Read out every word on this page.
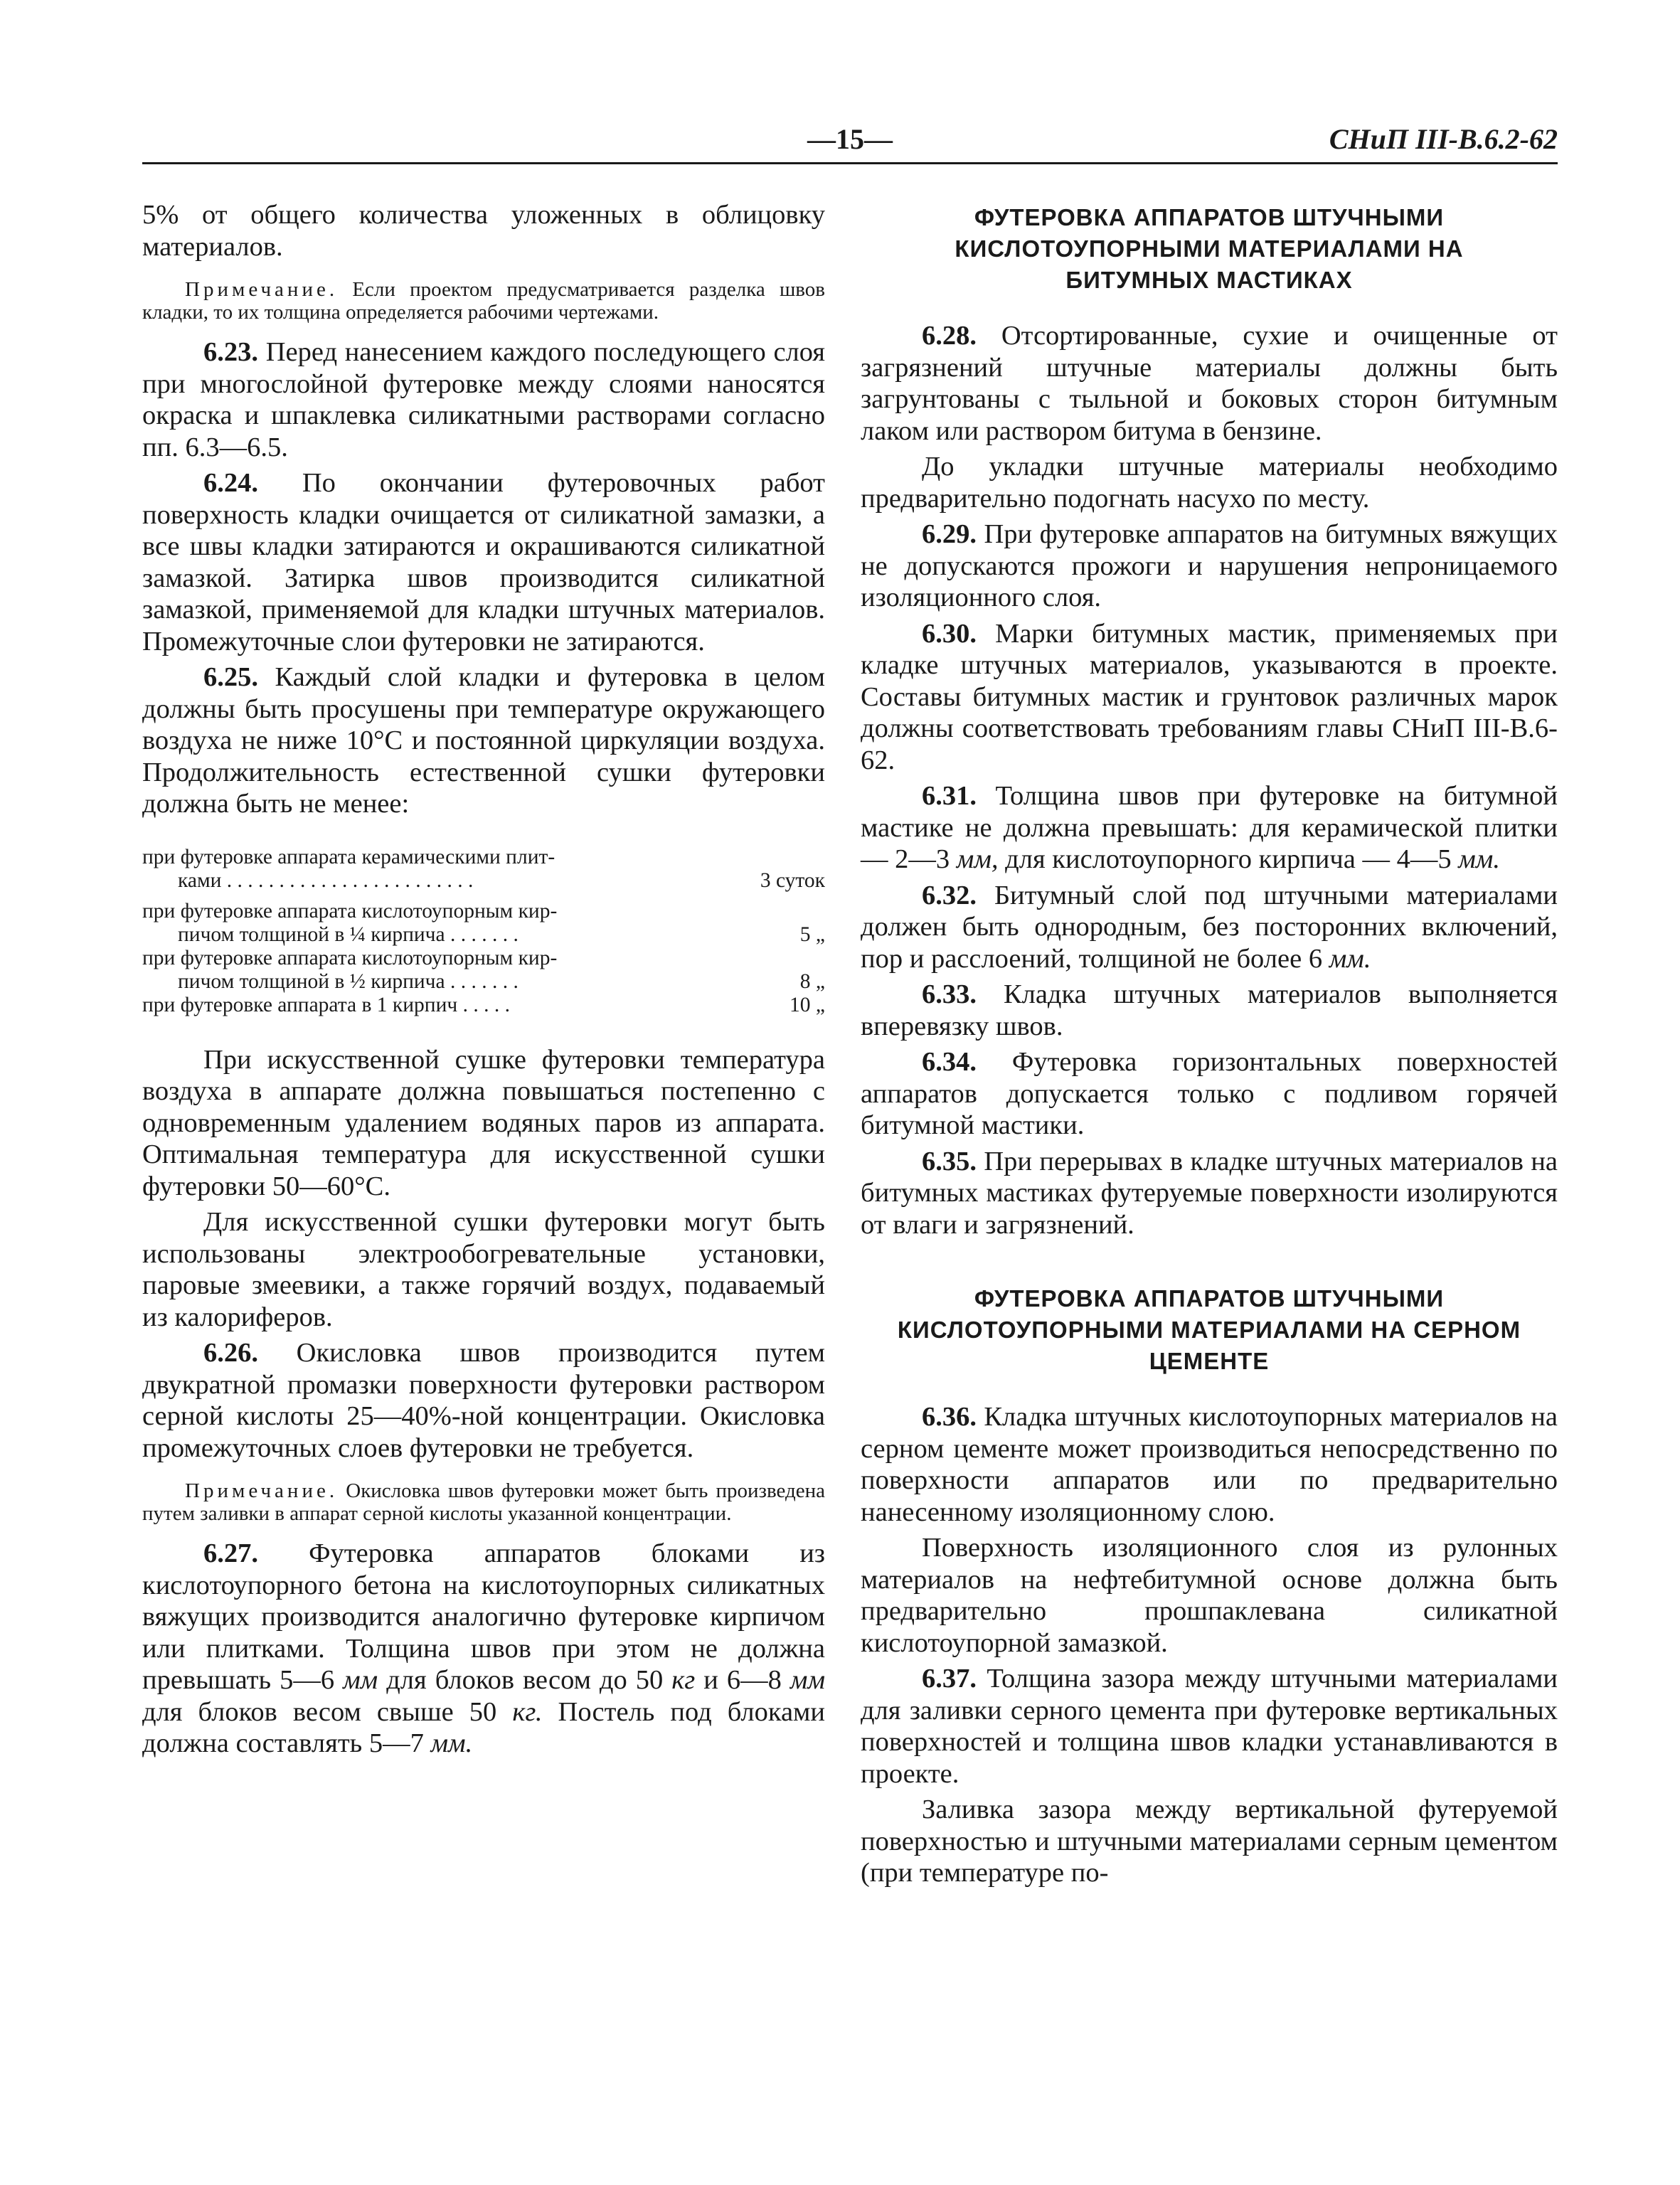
—15—	СНиП III-В.6.2-62

5% от общего количества уложенных в облицовку материалов.

Примечание. Если проектом предусматривается разделка швов кладки, то их толщина определяется рабочими чертежами.

6.23. Перед нанесением каждого последующего слоя при многослойной футеровке между слоями наносятся окраска и шпаклевка силикатными растворами согласно пп. 6.3—6.5.

6.24. По окончании футеровочных работ поверхность кладки очищается от силикатной замазки, а все швы кладки затираются и окрашиваются силикатной замазкой. Затирка швов производится силикатной замазкой, применяемой для кладки штучных материалов. Промежуточные слои футеровки не затираются.

6.25. Каждый слой кладки и футеровка в целом должны быть просушены при температуре окружающего воздуха не ниже 10°C и постоянной циркуляции воздуха. Продолжительность естественной сушки футеровки должна быть не менее:

при футеровке аппарата керамическими плит-
ками . . . . . . . . . . . . . . . . . . . . . . . .	3 суток
при футеровке аппарата кислотоупорным кир-
пичом толщиной в ¼ кирпича . . . . . . .	5 „
при футеровке аппарата кислотоупорным кир-
пичом толщиной в ½ кирпича . . . . . . .	8 „
при футеровке аппарата в 1 кирпич . . . . .	10 „

При искусственной сушке футеровки температура воздуха в аппарате должна повышаться постепенно с одновременным удалением водяных паров из аппарата. Оптимальная температура для искусственной сушки футеровки 50—60°C.

Для искусственной сушки футеровки могут быть использованы электрообогревательные установки, паровые змеевики, а также горячий воздух, подаваемый из калориферов.

6.26. Окисловка швов производится путем двукратной промазки поверхности футеровки раствором серной кислоты 25—40%-ной концентрации. Окисловка промежуточных слоев футеровки не требуется.

Примечание. Окисловка швов футеровки может быть произведена путем заливки в аппарат серной кислоты указанной концентрации.

6.27. Футеровка аппаратов блоками из кислотоупорного бетона на кислотоупорных силикатных вяжущих производится аналогично футеровке кирпичом или плитками. Толщина швов при этом не должна превышать 5—6 мм для блоков весом до 50 кг и 6—8 мм для блоков весом свыше 50 кг. Постель под блоками должна составлять 5—7 мм.

ФУТЕРОВКА АППАРАТОВ ШТУЧНЫМИ КИСЛОТОУПОРНЫМИ МАТЕРИАЛАМИ НА БИТУМНЫХ МАСТИКАХ

6.28. Отсортированные, сухие и очищенные от загрязнений штучные материалы должны быть загрунтованы с тыльной и боковых сторон битумным лаком или раствором битума в бензине.

До укладки штучные материалы необходимо предварительно подогнать насухо по месту.

6.29. При футеровке аппаратов на битумных вяжущих не допускаются прожоги и нарушения непроницаемого изоляционного слоя.

6.30. Марки битумных мастик, применяемых при кладке штучных материалов, указываются в проекте. Составы битумных мастик и грунтовок различных марок должны соответствовать требованиям главы СНиП III-В.6-62.

6.31. Толщина швов при футеровке на битумной мастике не должна превышать: для керамической плитки — 2—3 мм, для кислотоупорного кирпича — 4—5 мм.

6.32. Битумный слой под штучными материалами должен быть однородным, без посторонних включений, пор и расслоений, толщиной не более 6 мм.

6.33. Кладка штучных материалов выполняется вперевязку швов.

6.34. Футеровка горизонтальных поверхностей аппаратов допускается только с подливом горячей битумной мастики.

6.35. При перерывах в кладке штучных материалов на битумных мастиках футеруемые поверхности изолируются от влаги и загрязнений.

ФУТЕРОВКА АППАРАТОВ ШТУЧНЫМИ КИСЛОТОУПОРНЫМИ МАТЕРИАЛАМИ НА СЕРНОМ ЦЕМЕНТЕ

6.36. Кладка штучных кислотоупорных материалов на серном цементе может производиться непосредственно по поверхности аппаратов или по предварительно нанесенному изоляционному слою.

Поверхность изоляционного слоя из рулонных материалов на нефтебитумной основе должна быть предварительно прошпаклевана силикатной кислотоупорной замазкой.

6.37. Толщина зазора между штучными материалами для заливки серного цемента при футеровке вертикальных поверхностей и толщина швов кладки устанавливаются в проекте.

Заливка зазора между вертикальной футеруемой поверхностью и штучными материалами серным цементом (при температуре по-
